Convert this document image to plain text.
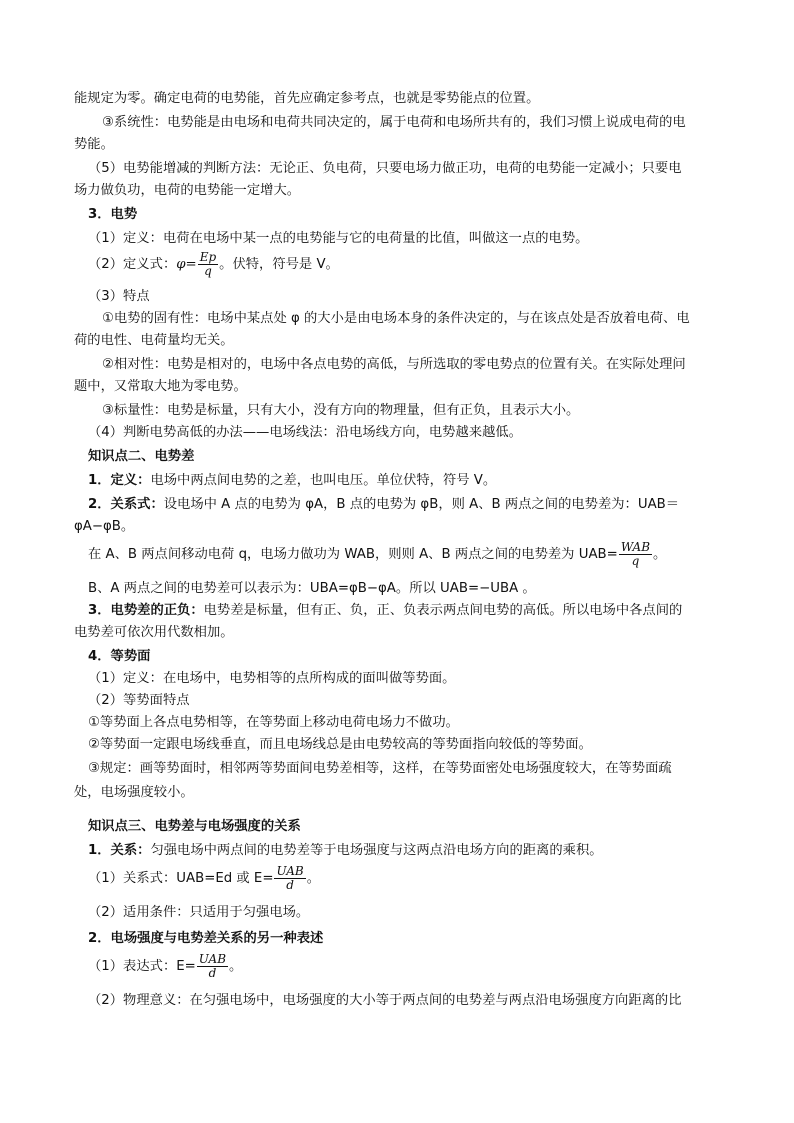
能规定为零。确定电荷的电势能，首先应确定参考点，也就是零势能点的位置。
③系统性：电势能是由电场和电荷共同决定的，属于电荷和电场所共有的，我们习惯上说成电荷的电
势能。
（5）电势能增减的判断方法：无论正、负电荷，只要电场力做正功，电荷的电势能一定减小；只要电
场力做负功，电荷的电势能一定增大。
3．电势
（1）定义：电荷在电场中某一点的电势能与它的电荷量的比值，叫做这一点的电势。
（2）定义式：$\varphi= \frac{Ep}{q}$ 。伏特，符号是 V。
（3）特点
①电势的固有性：电场中某点处 φ 的大小是由电场本身的条件决定的，与在该点处是否放着电荷、电
荷的电性、电荷量均无关。
②相对性：电势是相对的，电场中各点电势的高低，与所选取的零电势点的位置有关。在实际处理问
题中，又常取大地为零电势。
③标量性：电势是标量，只有大小，没有方向的物理量，但有正负，且表示大小。
（4）判断电势高低的办法——电场线法：沿电场线方向，电势越来越低。
知识点二、电势差
1．定义：电场中两点间电势的之差，也叫电压。单位伏特，符号 V。
2．关系式：设电场中 A 点的电势为 φA，B 点的电势为 φB，则 A、B 两点之间的电势差为：UAB＝
φA−φB。
在 A、B 两点间移动电荷 q，电场力做功为 WAB，则则 A、B 两点之间的电势差为 $UAB= \frac{\text{WAB}}{q}$ 。
B、A 两点之间的电势差可以表示为：UBA=φB−φA。所以 UAB=−UBA 。
3．电势差的正负：电势差是标量，但有正、负，正、负表示两点间电势的高低。所以电场中各点间的
电势差可依次用代数相加。
4．等势面
（1）定义：在电场中，电势相等的点所构成的面叫做等势面。
（2）等势面特点
①等势面上各点电势相等，在等势面上移动电荷电场力不做功。
②等势面一定跟电场线垂直，而且电场线总是由电势较高的等势面指向较低的等势面。
③规定：画等势面时，相邻两等势面间电势差相等，这样，在等势面密处电场强度较大，在等势面疏
处，电场强度较小。
知识点三、电势差与电场强度的关系
1．关系：匀强电场中两点间的电势差等于电场强度与这两点沿电场方向的距离的乘积。
（1）关系式：UAB=Ed 或 $E= \frac{\text{UAB}}{d}$ 。
（2）适用条件：只适用于匀强电场。
2．电场强度与电势差关系的另一种表述
（1）表达式：$E= \frac{\text{UAB}}{d}$ 。
（2）物理意义：在匀强电场中，电场强度的大小等于两点间的电势差与两点沿电场强度方向距离的比
